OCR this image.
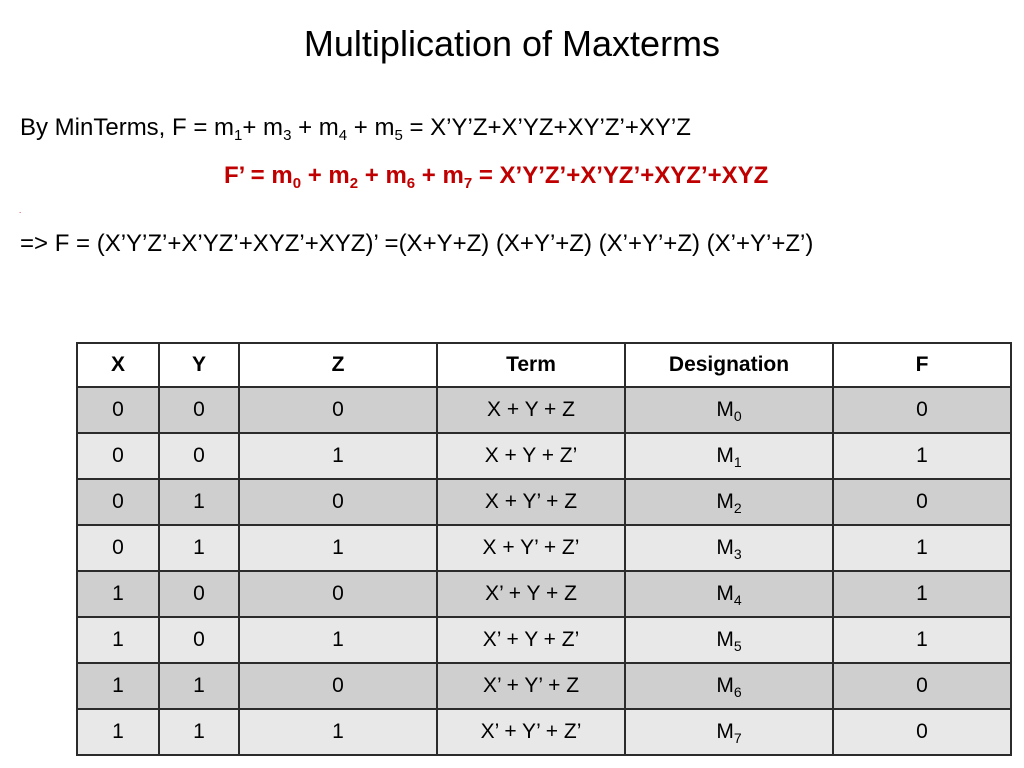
Multiplication of Maxterms
By MinTerms, $F = m_1+ m_3 + m_4 + m_5$ = X’Y’Z+X’YZ+XY’Z’+XY’Z
F’ = $m_0 + m_2 + m_6 + m_7$ = X’Y’Z’+X’YZ’+XYZ’+XYZ
.
=> F = (X’Y’Z’+X’YZ’+XYZ’+XYZ)’ =(X+Y+Z) (X+Y’+Z) (X’+Y’+Z) (X’+Y’+Z’)
X	Y	Z	Term	Designation	F
0	0	0	X + Y + Z	$M_0$	0
0	0	1	X + Y + Z’	$M_1$	1
0	1	0	X + Y’ + Z	$M_2$	0
0	1	1	X + Y’ + Z’	$M_3$	1
1	0	0	X’ + Y + Z	$M_4$	1
1	0	1	X’ + Y + Z’	$M_5$	1
1	1	0	X’ + Y’ + Z	$M_6$	0
1	1	1	X’ + Y’ + Z’	$M_7$	0
